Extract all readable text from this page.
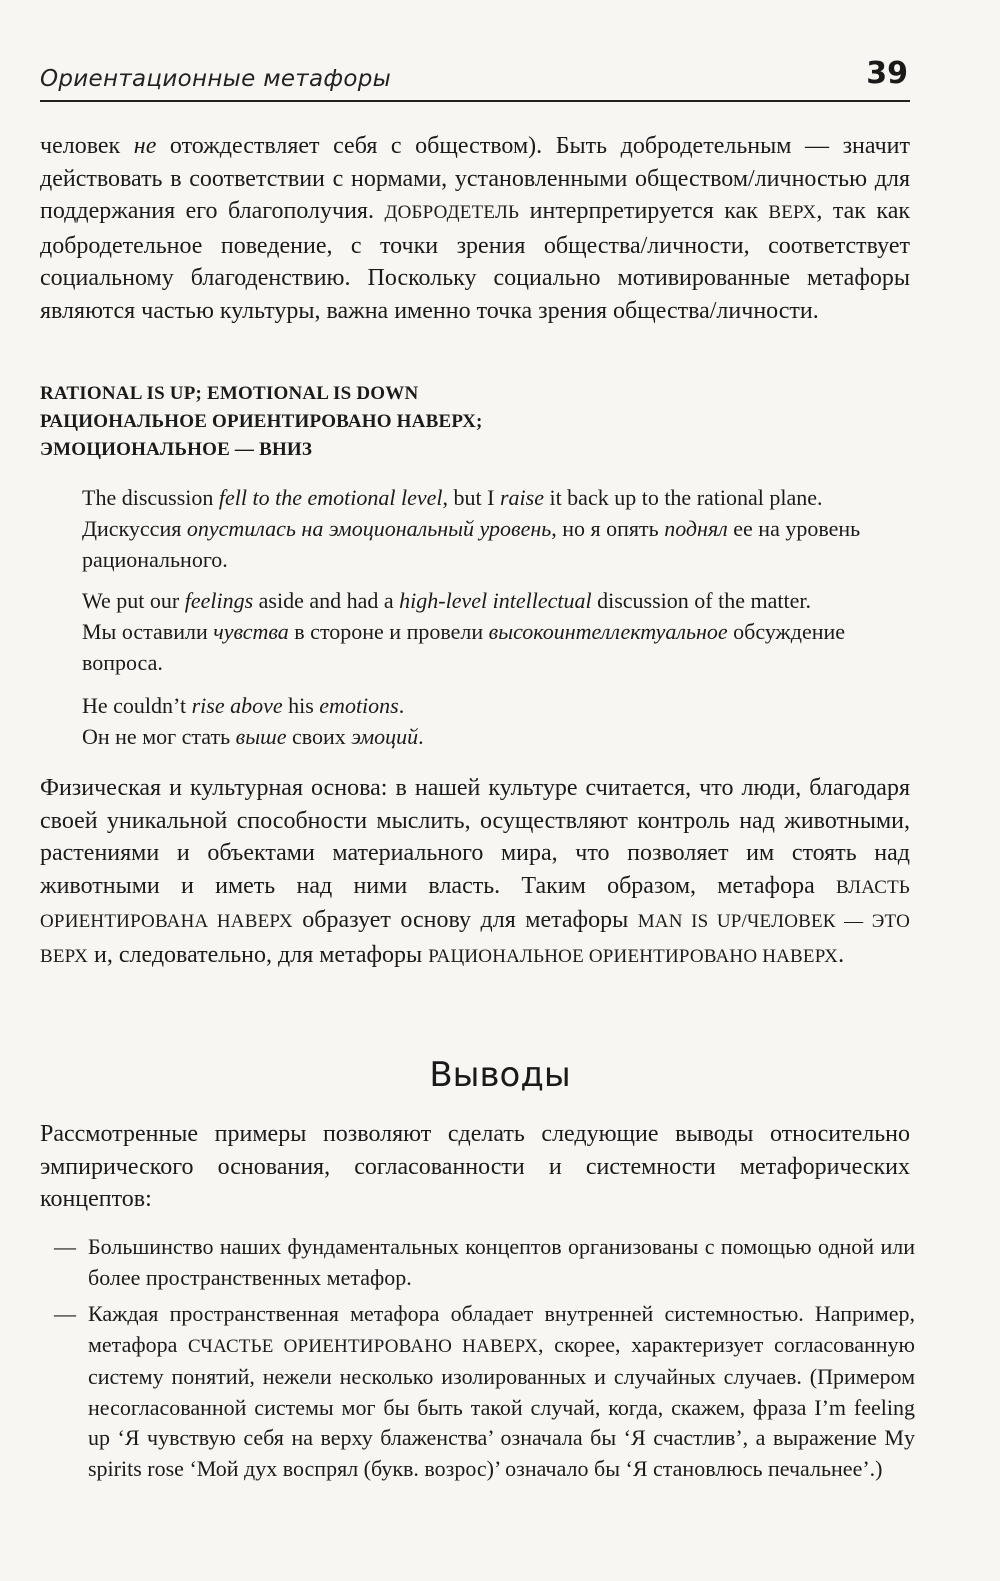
Ориентационные метафоры	39

человек не отождествляет себя с обществом). Быть добродетельным — значит действовать в соответствии с нормами, установленными обществом/личностью для поддержания его благополучия. ДОБРОДЕТЕЛЬ интерпретируется как ВЕРХ, так как добродетельное поведение, с точки зрения общества/личности, соответствует социальному благоденствию. Поскольку социально мотивированные метафоры являются частью культуры, важна именно точка зрения общества/личности.

RATIONAL IS UP; EMOTIONAL IS DOWN
РАЦИОНАЛЬНОЕ ОРИЕНТИРОВАНО НАВЕРХ;
ЭМОЦИОНАЛЬНОЕ — ВНИЗ

The discussion fell to the emotional level, but I raise it back up to the rational plane.

Дискуссия опустилась на эмоциональный уровень, но я опять поднял ее на уровень рационального.

We put our feelings aside and had a high-level intellectual discussion of the matter.

Мы оставили чувства в стороне и провели высокоинтеллектуальное обсуждение вопроса.

He couldn’t rise above his emotions.

Он не мог стать выше своих эмоций.

Физическая и культурная основа: в нашей культуре считается, что люди, благодаря своей уникальной способности мыслить, осуществляют контроль над животными, растениями и объектами материального мира, что позволяет им стоять над животными и иметь над ними власть. Таким образом, метафора ВЛАСТЬ ОРИЕНТИРОВАНА НАВЕРХ образует основу для метафоры MAN IS UP/ЧЕЛОВЕК — ЭТО ВЕРХ и, следовательно, для метафоры РАЦИОНАЛЬНОЕ ОРИЕНТИРОВАНО НАВЕРХ.

Выводы

Рассмотренные примеры позволяют сделать следующие выводы относительно эмпирического основания, согласованности и системности метафорических концептов:

— Большинство наших фундаментальных концептов организованы с помощью одной или более пространственных метафор.
— Каждая пространственная метафора обладает внутренней системностью. Например, метафора СЧАСТЬЕ ОРИЕНТИРОВАНО НАВЕРХ, скорее, характеризует согласованную систему понятий, нежели несколько изолированных и случайных случаев. (Примером несогласованной системы мог бы быть такой случай, когда, скажем, фраза I’m feeling up ‘Я чувствую себя на верху блаженства’ означала бы ‘Я счастлив’, а выражение My spirits rose ‘Мой дух воспрял (букв. возрос)’ означало бы ‘Я становлюсь печальнее’.)
